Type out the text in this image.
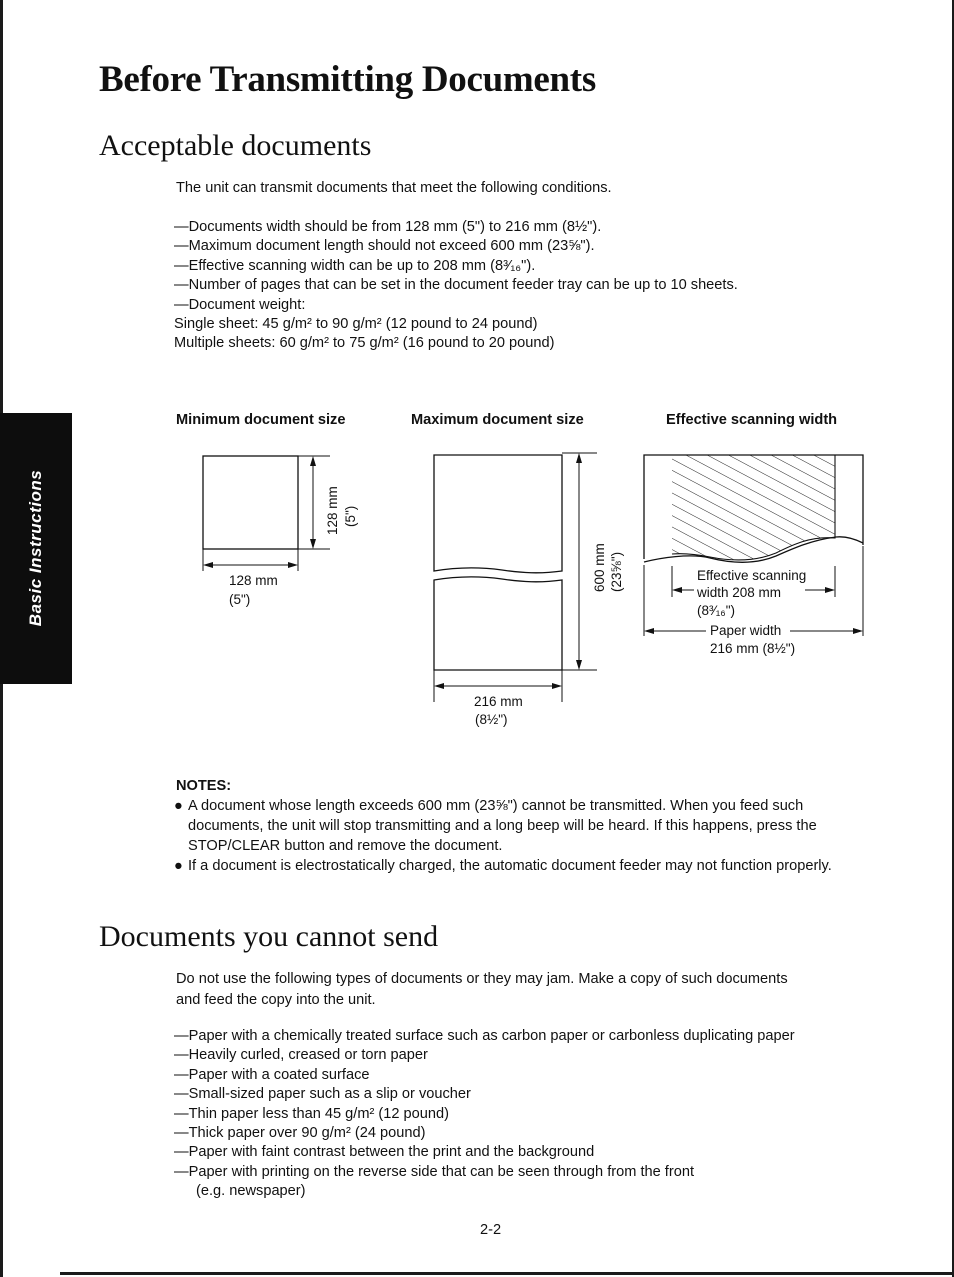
Basic Instructions
Before Transmitting Documents
Acceptable documents
The unit can transmit documents that meet the following conditions.
—Documents width should be from 128 mm (5") to 216 mm (8½").
—Maximum document length should not exceed 600 mm (23⅝").
—Effective scanning width can be up to 208 mm (8³⁄₁₆").
—Number of pages that can be set in the document feeder tray can be up to 10 sheets.
—Document weight:
Single sheet: 45 g/m² to 90 g/m² (12 pound to 24 pound)
Multiple sheets: 60 g/m² to 75 g/m² (16 pound to 20 pound)
Minimum document size	Maximum document size	Effective scanning width
128 mm
(5")
128 mm (5")
216 mm
(8½")
600 mm (23⅝")	Effective scanning
width 208 mm
(8³⁄₁₆")
Paper width
216 mm (8½")
NOTES:
● A document whose length exceeds 600 mm (23⅝") cannot be transmitted. When you feed such documents, the unit will stop transmitting and a long beep will be heard. If this happens, press the STOP/CLEAR button and remove the document.
● If a document is electrostatically charged, the automatic document feeder may not function properly.
Documents you cannot send
Do not use the following types of documents or they may jam. Make a copy of such documents
and feed the copy into the unit.
—Paper with a chemically treated surface such as carbon paper or carbonless duplicating paper
—Heavily curled, creased or torn paper
—Paper with a coated surface
—Small-sized paper such as a slip or voucher
—Thin paper less than 45 g/m² (12 pound)
—Thick paper over 90 g/m² (24 pound)
—Paper with faint contrast between the print and the background
—Paper with printing on the reverse side that can be seen through from the front
(e.g. newspaper)
2-2
